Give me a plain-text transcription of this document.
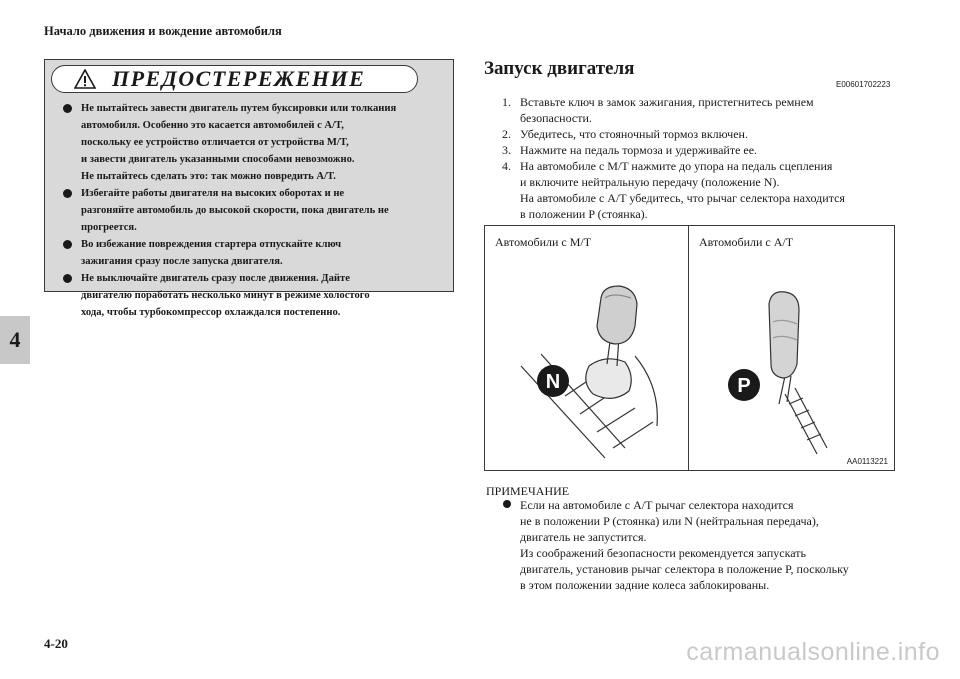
Начало движения и вождение автомобиля
4
ПРЕДОСТЕРЕЖЕНИЕ
Не пытайтесь завести двигатель путем буксировки или толкания
автомобиля. Особенно это касается автомобилей с A/T,
поскольку ее устройство отличается от устройства M/T,
и завести двигатель указанными способами невозможно.
Не пытайтесь сделать это: так можно повредить A/T.
Избегайте работы двигателя на высоких оборотах и не
разгоняйте автомобиль до высокой скорости, пока двигатель не
прогреется.
Во избежание повреждения стартера отпускайте ключ
зажигания сразу после запуска двигателя.
Не выключайте двигатель сразу после движения. Дайте
двигателю поработать несколько минут в режиме холостого
хода, чтобы турбокомпрессор охлаждался постепенно.
Запуск двигателя
E00601702223
1. Вставьте ключ в замок зажигания, пристегнитесь ремнем
безопасности.
2. Убедитесь, что стояночный тормоз включен.
3. Нажмите на педаль тормоза и удерживайте ее.
4. На автомобиле с M/T нажмите до упора на педаль сцепления
и включите нейтральную передачу (положение N).
На автомобиле с A/T убедитесь, что рычаг селектора находится
в положении P (стоянка).
Автомобили с M/T	Автомобили с A/T
N	P
AA0113221
ПРИМЕЧАНИЕ
Если на автомобиле с A/T рычаг селектора находится
не в положении P (стоянка) или N (нейтральная передача),
двигатель не запустится.
Из соображений безопасности рекомендуется запускать
двигатель, установив рычаг селектора в положение P, поскольку
в этом положении задние колеса заблокированы.
4-20	carmanualsonline.info
